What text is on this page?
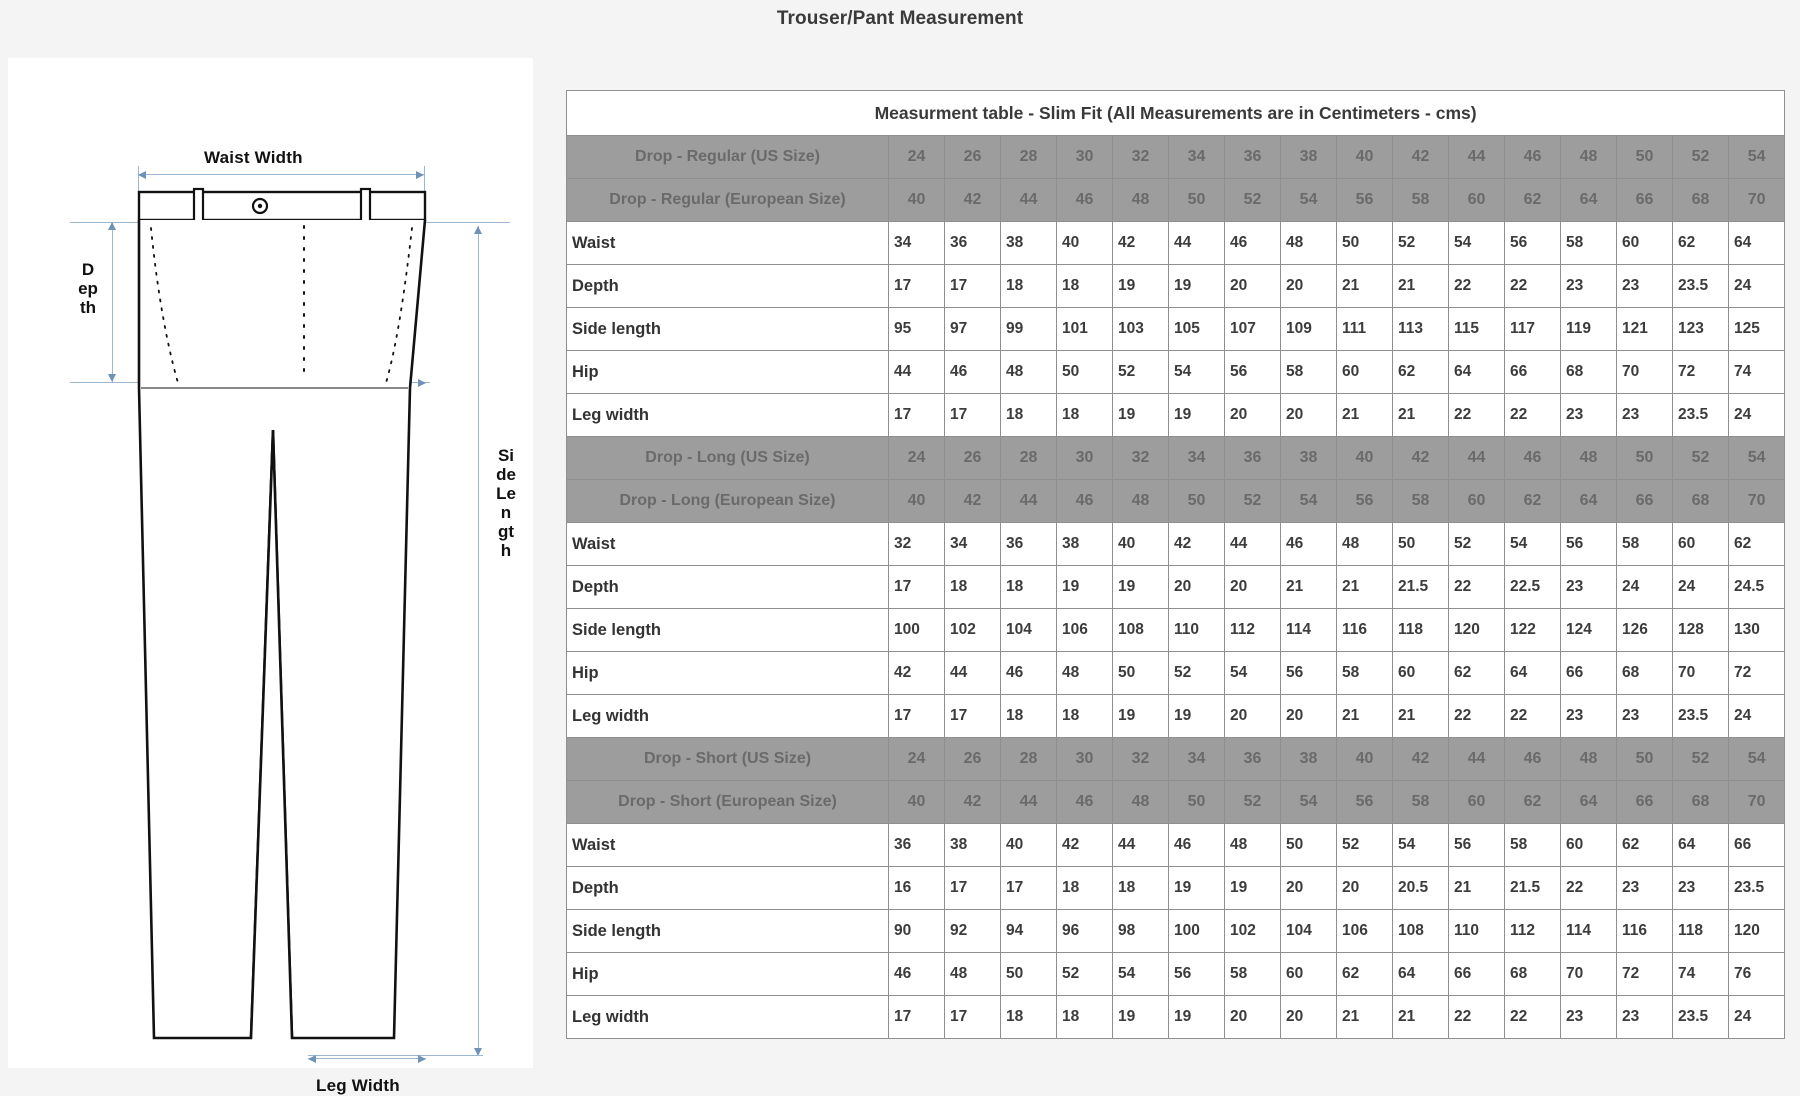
Trouser/Pant Measurement
Waist Width
Depth
Side Length
Leg Width
Measurment table - Slim Fit (All Measurements are in Centimeters - cms)																
Drop - Regular (US Size)	24	26	28	30	32	34	36	38	40	42	44	46	48	50	52	54
Drop - Regular (European Size)	40	42	44	46	48	50	52	54	56	58	60	62	64	66	68	70
Waist	34	36	38	40	42	44	46	48	50	52	54	56	58	60	62	64
Depth	17	17	18	18	19	19	20	20	21	21	22	22	23	23	23.5	24
Side length	95	97	99	101	103	105	107	109	111	113	115	117	119	121	123	125
Hip	44	46	48	50	52	54	56	58	60	62	64	66	68	70	72	74
Leg width	17	17	18	18	19	19	20	20	21	21	22	22	23	23	23.5	24
Drop - Long (US Size)	24	26	28	30	32	34	36	38	40	42	44	46	48	50	52	54
Drop - Long (European Size)	40	42	44	46	48	50	52	54	56	58	60	62	64	66	68	70
Waist	32	34	36	38	40	42	44	46	48	50	52	54	56	58	60	62
Depth	17	18	18	19	19	20	20	21	21	21.5	22	22.5	23	24	24	24.5
Side length	100	102	104	106	108	110	112	114	116	118	120	122	124	126	128	130
Hip	42	44	46	48	50	52	54	56	58	60	62	64	66	68	70	72
Leg width	17	17	18	18	19	19	20	20	21	21	22	22	23	23	23.5	24
Drop - Short (US Size)	24	26	28	30	32	34	36	38	40	42	44	46	48	50	52	54
Drop - Short (European Size)	40	42	44	46	48	50	52	54	56	58	60	62	64	66	68	70
Waist	36	38	40	42	44	46	48	50	52	54	56	58	60	62	64	66
Depth	16	17	17	18	18	19	19	20	20	20.5	21	21.5	22	23	23	23.5
Side length	90	92	94	96	98	100	102	104	106	108	110	112	114	116	118	120
Hip	46	48	50	52	54	56	58	60	62	64	66	68	70	72	74	76
Leg width	17	17	18	18	19	19	20	20	21	21	22	22	23	23	23.5	24
